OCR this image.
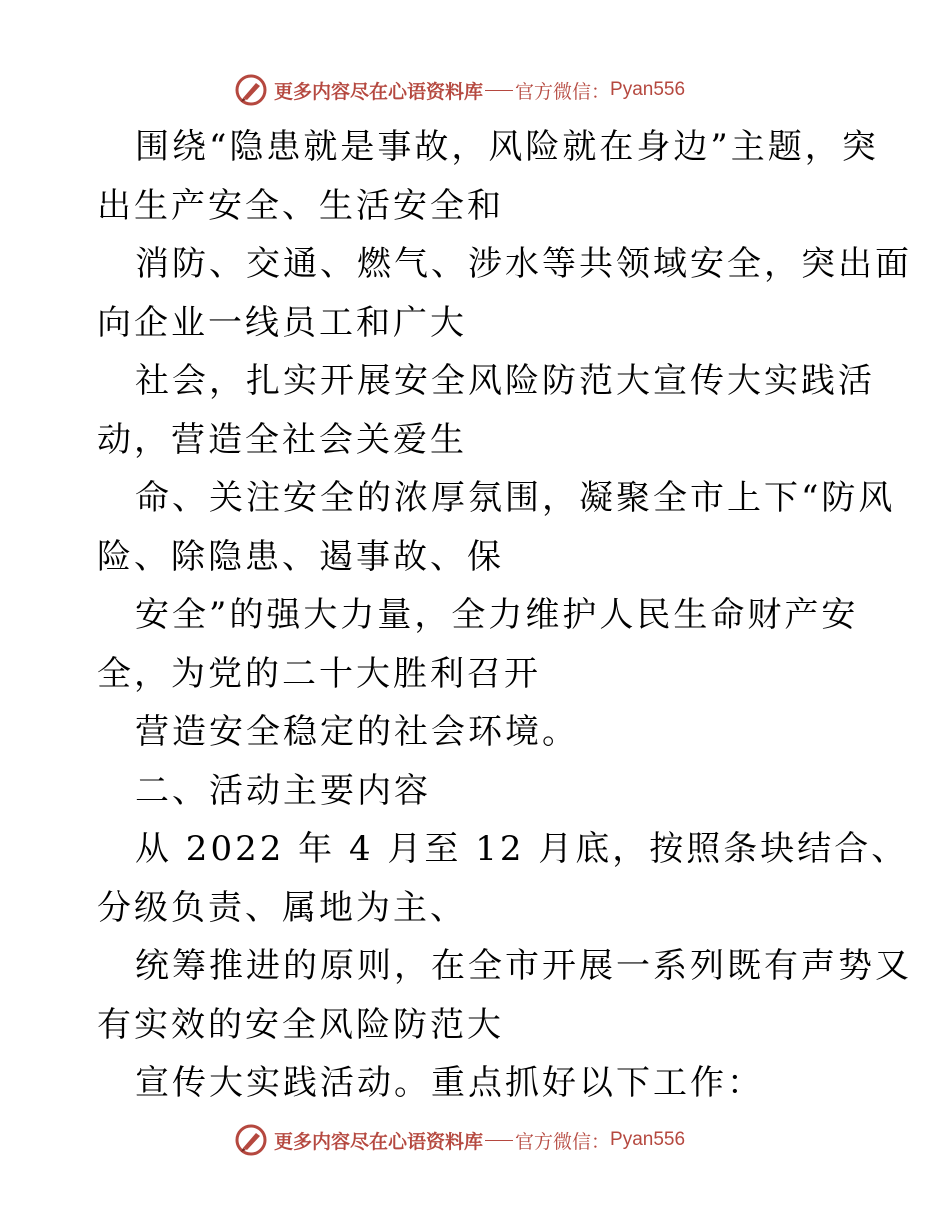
更多内容尽在心语资料库 官方微信： Pyan556
围绕“隐患就是事故，风险就在身边”主题，突
出生产安全、生活安全和
消防、交通、燃气、涉水等共领域安全，突出面
向企业一线员工和广大
社会，扎实开展安全风险防范大宣传大实践活
动，营造全社会关爱生
命、关注安全的浓厚氛围，凝聚全市上下“防风
险、除隐患、遏事故、保
安全”的强大力量，全力维护人民生命财产安
全，为党的二十大胜利召开
营造安全稳定的社会环境。
二、活动主要内容
从 2022 年 4 月至 12 月底，按照条块结合、
分级负责、属地为主、
统筹推进的原则，在全市开展一系列既有声势又
有实效的安全风险防范大
宣传大实践活动。重点抓好以下工作：
更多内容尽在心语资料库 官方微信： Pyan556
